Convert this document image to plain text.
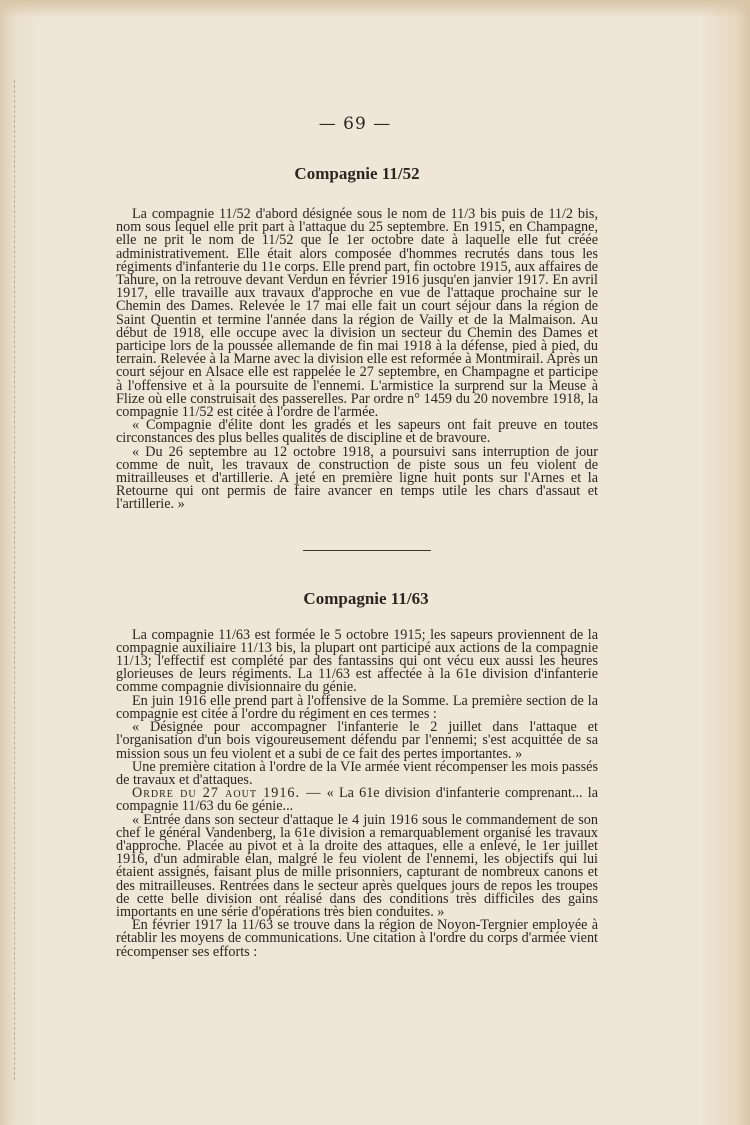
— 69 —
Compagnie 11/52

La compagnie 11/52 d'abord désignée sous le nom de 11/3 bis puis de 11/2 bis, nom sous lequel elle prit part à l'attaque du 25 septembre. En 1915, en Champagne, elle ne prit le nom de 11/52 que le 1er octobre date à laquelle elle fut créée administrativement. Elle était alors composée d'hommes recrutés dans tous les régiments d'infanterie du 11e corps. Elle prend part, fin octobre 1915, aux affaires de Tahure, on la retrouve devant Verdun en février 1916 jusqu'en janvier 1917. En avril 1917, elle travaille aux travaux d'approche en vue de l'attaque prochaine sur le Chemin des Dames. Relevée le 17 mai elle fait un court séjour dans la région de Saint Quentin et termine l'année dans la région de Vailly et de la Malmaison. Au début de 1918, elle occupe avec la division un secteur du Chemin des Dames et participe lors de la poussée allemande de fin mai 1918 à la défense, pied à pied, du terrain. Relevée à la Marne avec la division elle est reformée à Montmirail. Après un court séjour en Alsace elle est rappelée le 27 septembre, en Champagne et participe à l'offensive et à la poursuite de l'ennemi. L'armistice la surprend sur la Meuse à Flize où elle construisait des passerelles. Par ordre n° 1459 du 20 novembre 1918, la compagnie 11/52 est citée à l'ordre de l'armée.

« Compagnie d'élite dont les gradés et les sapeurs ont fait preuve en toutes circonstances des plus belles qualités de discipline et de bravoure.

« Du 26 septembre au 12 octobre 1918, a poursuivi sans interruption de jour comme de nuit, les travaux de construction de piste sous un feu violent de mitrailleuses et d'artillerie. A jeté en première ligne huit ponts sur l'Arnes et la Retourne qui ont permis de faire avancer en temps utile les chars d'assaut et l'artillerie. »

Compagnie 11/63

La compagnie 11/63 est formée le 5 octobre 1915; les sapeurs proviennent de la compagnie auxiliaire 11/13 bis, la plupart ont participé aux actions de la compagnie 11/13; l'effectif est complété par des fantassins qui ont vécu eux aussi les heures glorieuses de leurs régiments. La 11/63 est affectée à la 61e division d'infanterie comme compagnie divisionnaire du génie.

En juin 1916 elle prend part à l'offensive de la Somme. La première section de la compagnie est citée à l'ordre du régiment en ces termes :

« Désignée pour accompagner l'infanterie le 2 juillet dans l'attaque et l'organisation d'un bois vigoureusement défendu par l'ennemi; s'est acquittée de sa mission sous un feu violent et a subi de ce fait des pertes importantes. »

Une première citation à l'ordre de la VIe armée vient récompenser les mois passés de travaux et d'attaques.

Ordre du 27 aout 1916. — « La 61e division d'infanterie comprenant... la compagnie 11/63 du 6e génie...

« Entrée dans son secteur d'attaque le 4 juin 1916 sous le commandement de son chef le général Vandenberg, la 61e division a remarquablement organisé les travaux d'approche. Placée au pivot et à la droite des attaques, elle a enlevé, le 1er juillet 1916, d'un admirable élan, malgré le feu violent de l'ennemi, les objectifs qui lui étaient assignés, faisant plus de mille prisonniers, capturant de nombreux canons et des mitrailleuses. Rentrées dans le secteur après quelques jours de repos les troupes de cette belle division ont réalisé dans des conditions très difficiles des gains importants en une série d'opérations très bien conduites. »

En février 1917 la 11/63 se trouve dans la région de Noyon-Tergnier employée à rétablir les moyens de communications. Une citation à l'ordre du corps d'armée vient récompenser ses efforts :
